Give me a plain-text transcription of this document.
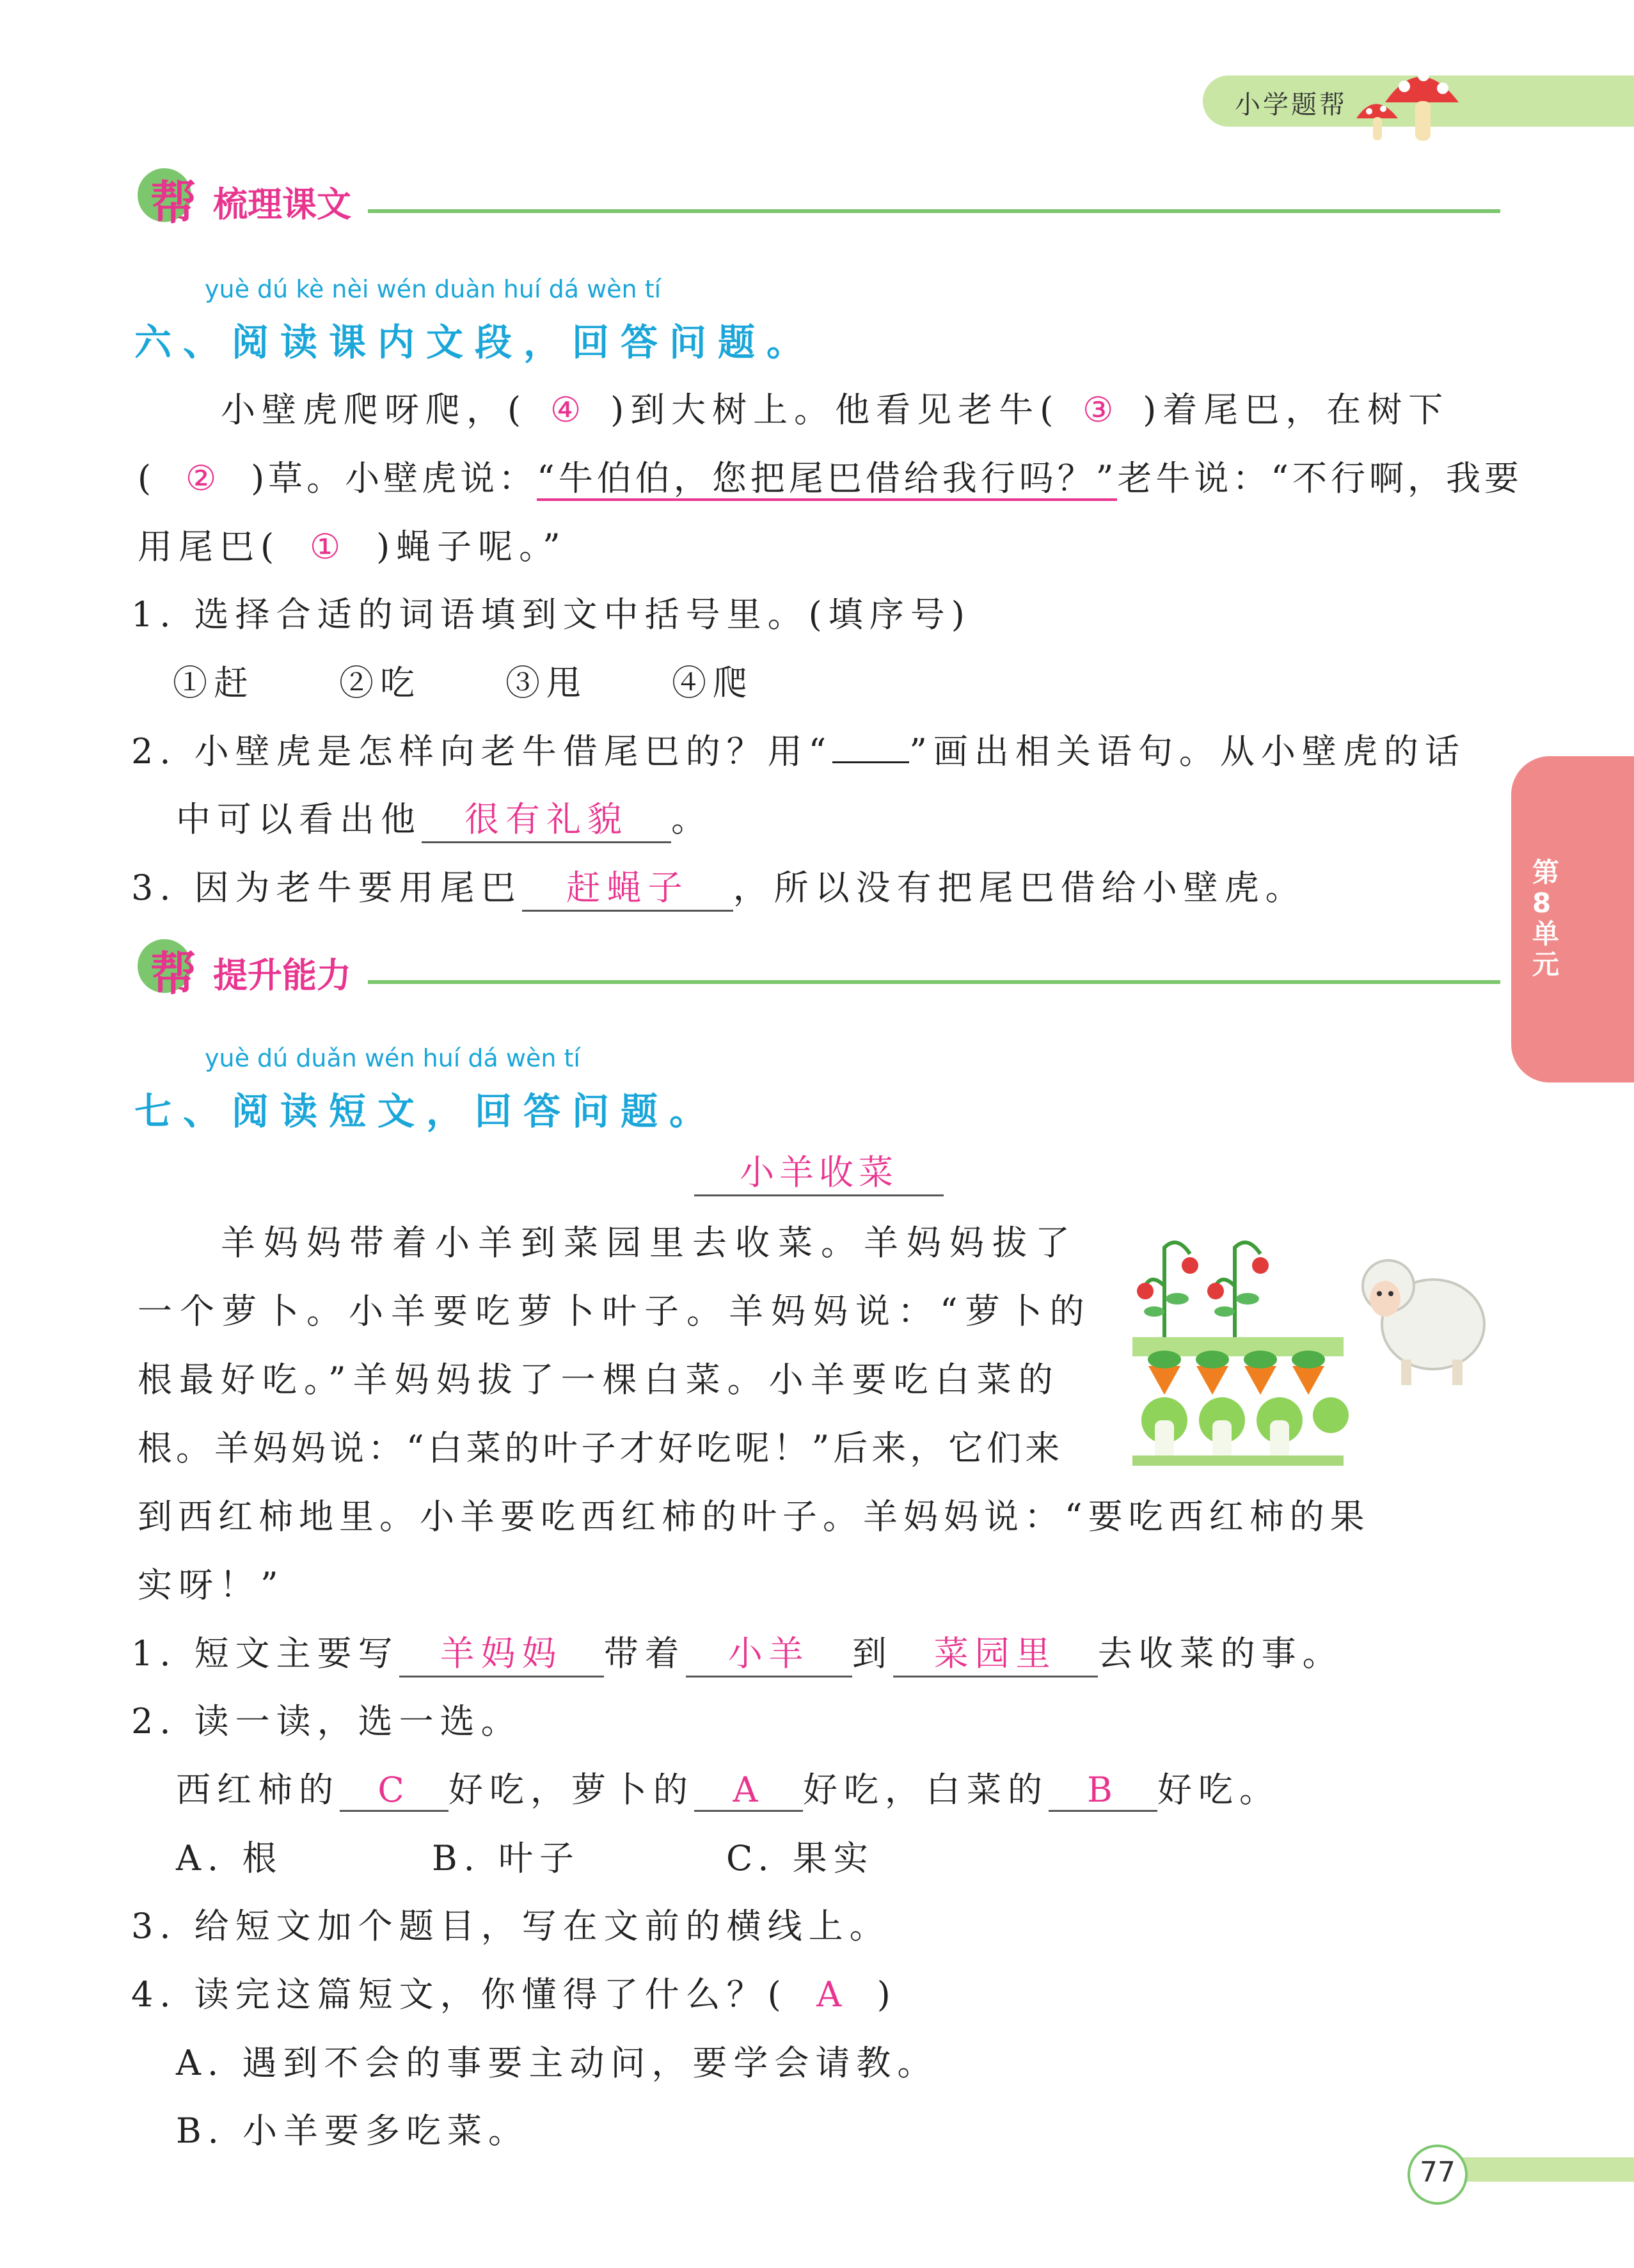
小学题帮
第8单元
帮 梳理课文
yuè dú kè nèi wén duàn huí dá wèn tí
六、阅读课内文段，回答问题。
小壁虎爬呀爬，( ④ )到大树上。他看见老牛( ③ )着尾巴，在树下
( ② )草。小壁虎说：“牛伯伯，您把尾巴借给我行吗？”老牛说：“不行啊，我要
用尾巴( ① )蝇子呢。”
1. 选择合适的词语填到文中括号里。(填序号)
①赶 ②吃 ③甩 ④爬
2. 小壁虎是怎样向老牛借尾巴的？用“ ”画出相关语句。从小壁虎的话
中可以看出他 很有礼貌 。
3. 因为老牛要用尾巴 赶蝇子 ，所以没有把尾巴借给小壁虎。
帮 提升能力
yuè dú duǎn wén huí dá wèn tí
七、阅读短文，回答问题。
小羊收菜
羊妈妈带着小羊到菜园里去收菜。羊妈妈拔了
一个萝卜。小羊要吃萝卜叶子。羊妈妈说：“萝卜的
根最好吃。”羊妈妈拔了一棵白菜。小羊要吃白菜的
根。羊妈妈说：“白菜的叶子才好吃呢！”后来，它们来
到西红柿地里。小羊要吃西红柿的叶子。羊妈妈说：“要吃西红柿的果
实呀！”
1. 短文主要写 羊妈妈 带着 小羊 到 菜园里 去收菜的事。
2. 读一读，选一选。
西红柿的 C 好吃，萝卜的 A 好吃，白菜的 B 好吃。
A. 根	B. 叶子	C. 果实
3. 给短文加个题目，写在文前的横线上。
4. 读完这篇短文，你懂得了什么？( A )
A. 遇到不会的事要主动问，要学会请教。
B. 小羊要多吃菜。
77
